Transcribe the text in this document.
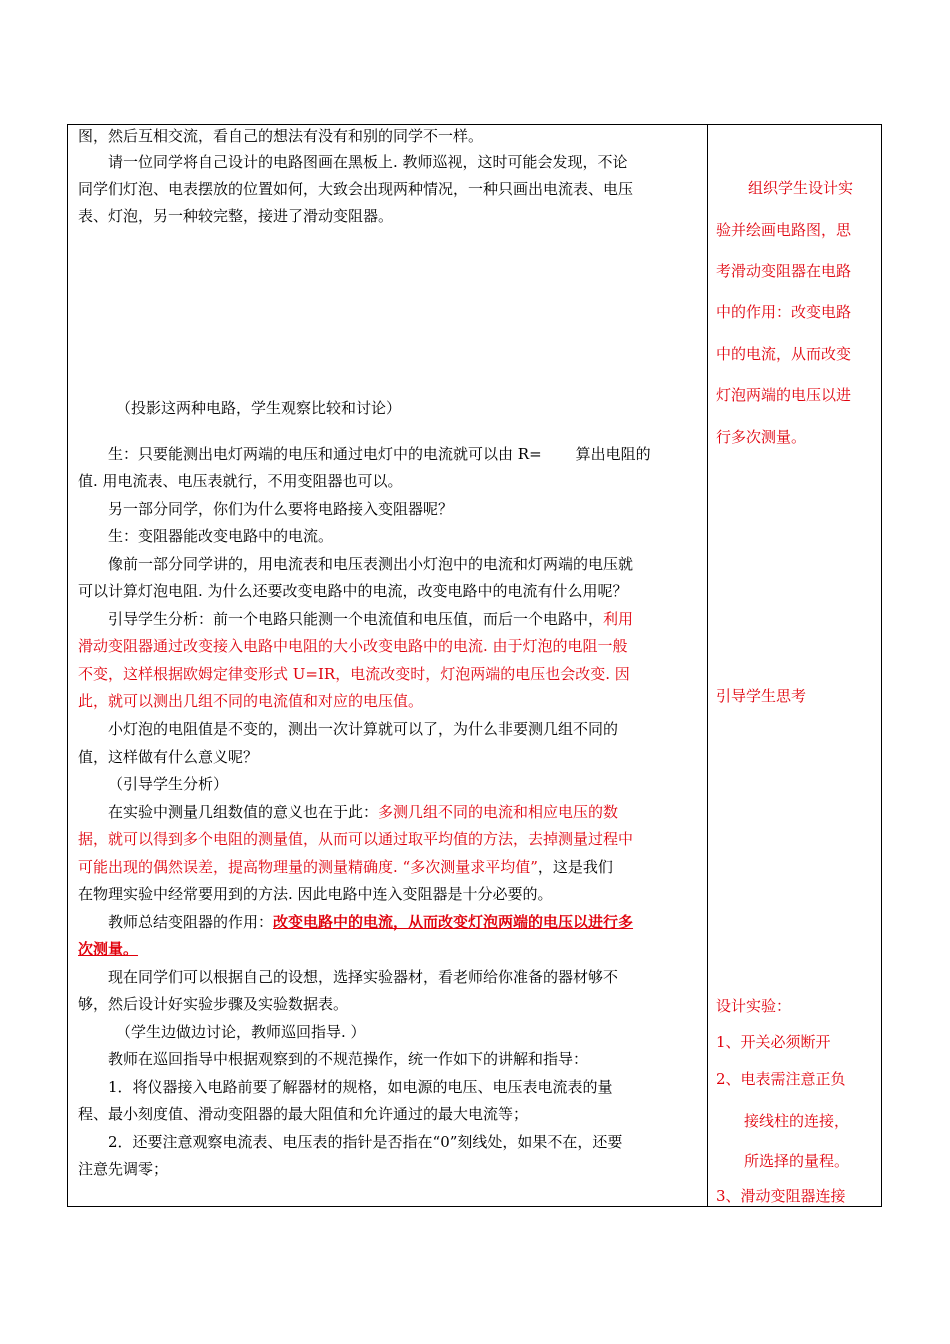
图，然后互相交流，看自己的想法有没有和别的同学不一样。
请一位同学将自己设计的电路图画在黑板上. 教师巡视，这时可能会发现，不论
同学们灯泡、电表摆放的位置如何，大致会出现两种情况，一种只画出电流表、电压
表、灯泡，另一种较完整，接进了滑动变阻器。
（投影这两种电路，学生观察比较和讨论）
生：只要能测出电灯两端的电压和通过电灯中的电流就可以由 R= 算出电阻的
值. 用电流表、电压表就行，不用变阻器也可以。
另一部分同学，你们为什么要将电路接入变阻器呢？
生：变阻器能改变电路中的电流。
像前一部分同学讲的，用电流表和电压表测出小灯泡中的电流和灯两端的电压就
可以计算灯泡电阻. 为什么还要改变电路中的电流，改变电路中的电流有什么用呢？
引导学生分析：前一个电路只能测一个电流值和电压值，而后一个电路中，利用
滑动变阻器通过改变接入电路中电阻的大小改变电路中的电流. 由于灯泡的电阻一般
不变，这样根据欧姆定律变形式 U=IR，电流改变时，灯泡两端的电压也会改变. 因
此，就可以测出几组不同的电流值和对应的电压值。
小灯泡的电阻值是不变的，测出一次计算就可以了，为什么非要测几组不同的
值，这样做有什么意义呢？
（引导学生分析）
在实验中测量几组数值的意义也在于此：多测几组不同的电流和相应电压的数
据，就可以得到多个电阻的测量值，从而可以通过取平均值的方法，去掉测量过程中
可能出现的偶然误差，提高物理量的测量精确度. “多次测量求平均值”，这是我们
在物理实验中经常要用到的方法. 因此电路中连入变阻器是十分必要的。
教师总结变阻器的作用：改变电路中的电流，从而改变灯泡两端的电压以进行多
次测量。
现在同学们可以根据自己的设想，选择实验器材，看老师给你准备的器材够不
够，然后设计好实验步骤及实验数据表。
（学生边做边讨论，教师巡回指导. ）
教师在巡回指导中根据观察到的不规范操作，统一作如下的讲解和指导：
1．将仪器接入电路前要了解器材的规格，如电源的电压、电压表电流表的量
程、最小刻度值、滑动变阻器的最大阻值和允许通过的最大电流等；
2．还要注意观察电流表、电压表的指针是否指在“0”刻线处，如果不在，还要
注意先调零；
组织学生设计实
验并绘画电路图，思
考滑动变阻器在电路
中的作用：改变电路
中的电流，从而改变
灯泡两端的电压以进
行多次测量。
引导学生思考
设计实验：
1、开关必须断开
2、电表需注意正负
接线柱的连接，
所选择的量程。
3、滑动变阻器连接
